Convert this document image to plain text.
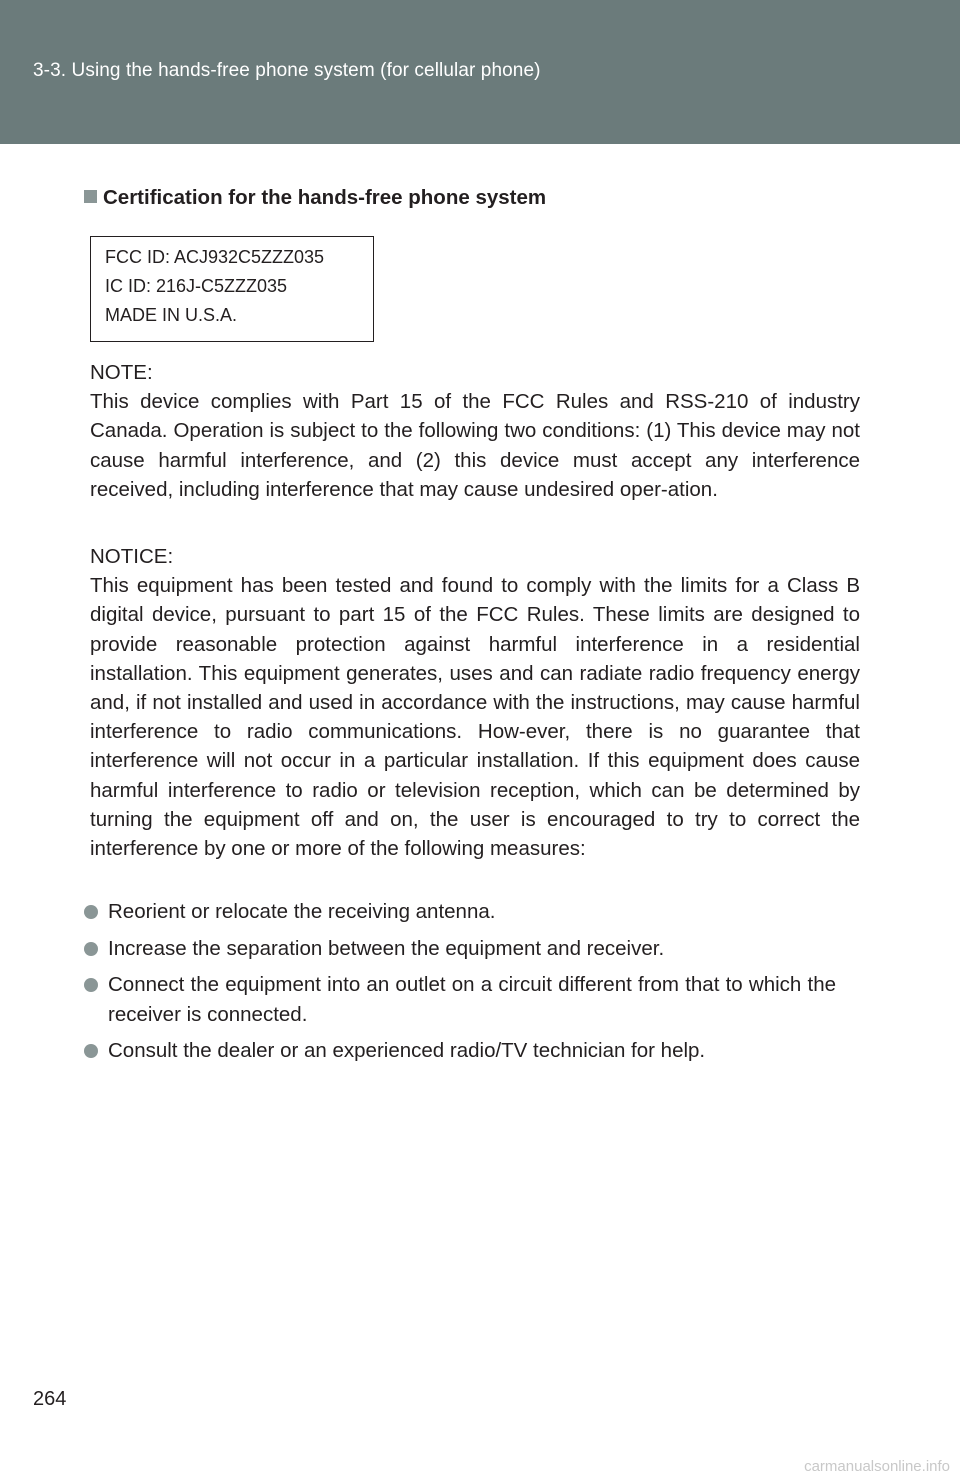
3-3. Using the hands-free phone system (for cellular phone)
Certification for the hands-free phone system
FCC ID: ACJ932C5ZZZ035
IC ID: 216J-C5ZZZ035
MADE IN U.S.A.
NOTE:
This device complies with Part 15 of the FCC Rules and RSS-210 of industry Canada. Operation is subject to the following two conditions: (1) This device may not cause harmful interference, and (2) this device must accept any interference received, including interference that may cause undesired oper-ation.
NOTICE:
This equipment has been tested and found to comply with the limits for a Class B digital device, pursuant to part 15 of the FCC Rules. These limits are designed to provide reasonable protection against harmful interference in a residential installation. This equipment generates, uses and can radiate radio frequency energy and, if not installed and used in accordance with the instructions, may cause harmful interference to radio communications. How-ever, there is no guarantee that interference will not occur in a particular installation. If this equipment does cause harmful interference to radio or television reception, which can be determined by turning the equipment off and on, the user is encouraged to try to correct the interference by one or more of the following measures:
Reorient or relocate the receiving antenna.
Increase the separation between the equipment and receiver.
Connect the equipment into an outlet on a circuit different from that to which the receiver is connected.
Consult the dealer or an experienced radio/TV technician for help.
264
carmanualsonline.info
